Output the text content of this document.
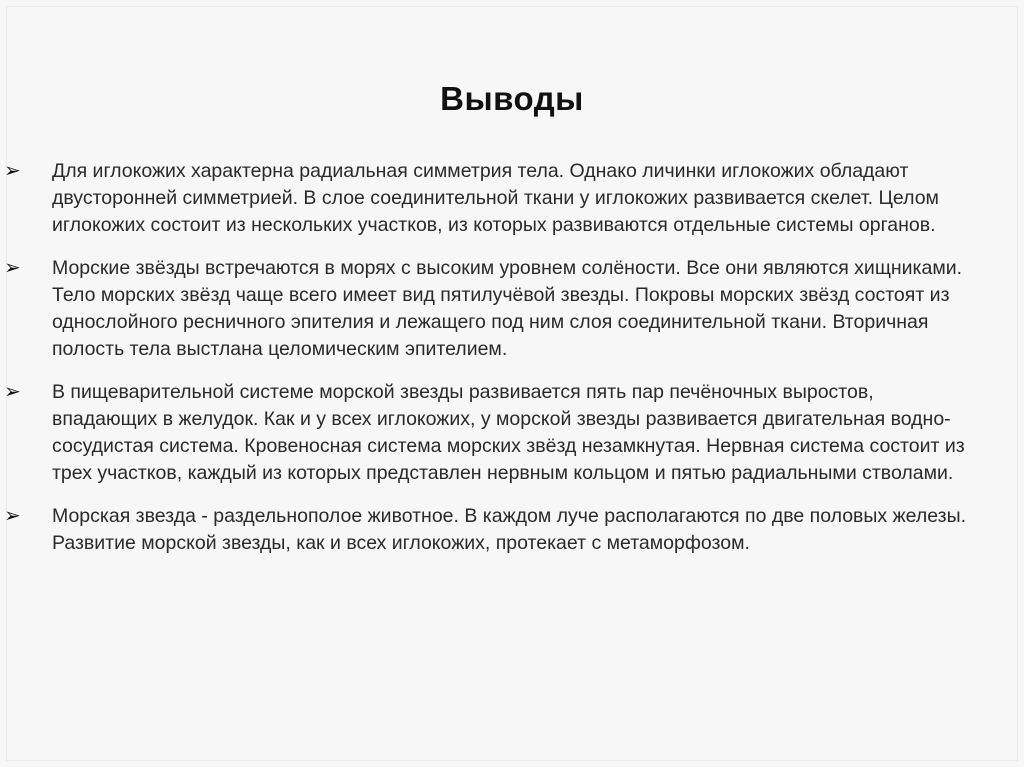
Выводы
➢	Для иглокожих характерна радиальная симметрия тела. Однако личинки иглокожих обладают двусторонней симметрией. В слое соединительной ткани у иглокожих развивается скелет. Целом иглокожих состоит из нескольких участков, из которых развиваются отдельные системы органов.
➢	Морские звёзды встречаются в морях с высоким уровнем солёности. Все они являются хищниками. Тело морских звёзд чаще всего имеет вид пятилучёвой звезды. Покровы морских звёзд состоят из однослойного ресничного эпителия и лежащего под ним слоя соединительной ткани. Вторичная полость тела выстлана целомическим эпителием.
➢	В пищеварительной системе морской звезды развивается пять пар печёночных выростов, впадающих в желудок. Как и у всех иглокожих, у морской звезды развивается двигательная водно-сосудистая система. Кровеносная система морских звёзд незамкнутая. Нервная система состоит из трех участков, каждый из которых представлен нервным кольцом и пятью радиальными стволами.
➢	Морская звезда - раздельнополое животное. В каждом луче располагаются по две половых железы. Развитие морской звезды, как и всех иглокожих, протекает с метаморфозом.
